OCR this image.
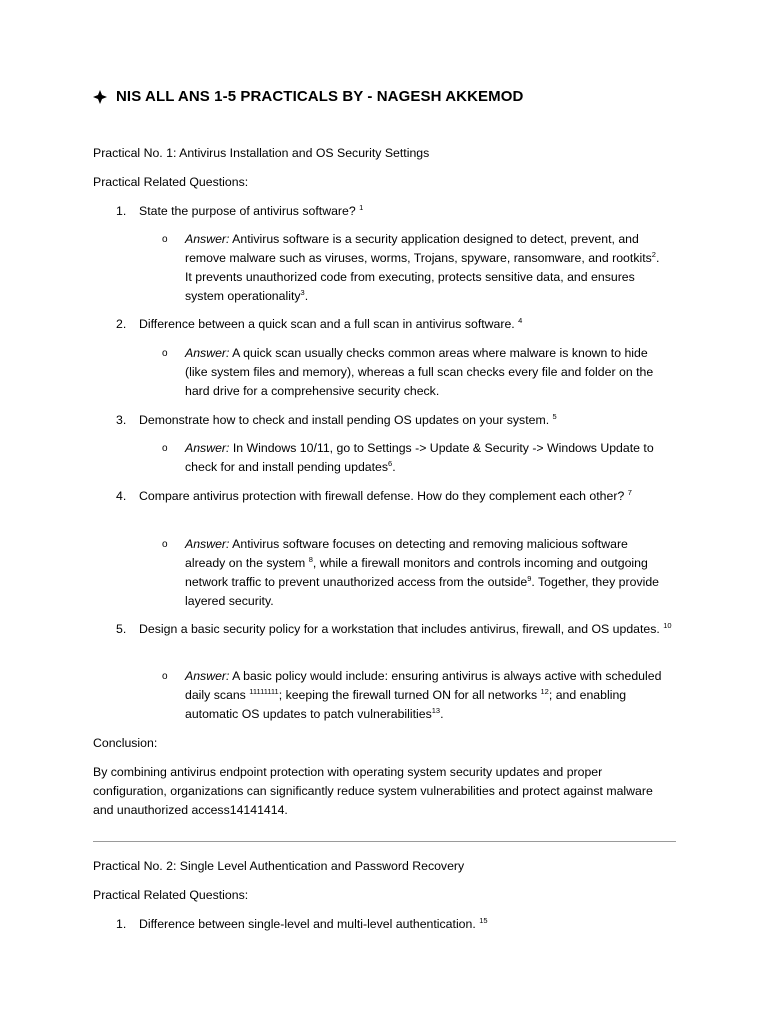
NIS ALL ANS 1-5 PRACTICALS BY - NAGESH AKKEMOD
Practical No. 1: Antivirus Installation and OS Security Settings
Practical Related Questions:
1.	State the purpose of antivirus software? $^1$
o	Answer: Antivirus software is a security application designed to detect, prevent, and remove malware such as viruses, worms, Trojans, spyware, ransomware, and rootkits$^2$. It prevents unauthorized code from executing, protects sensitive data, and ensures system operationality$^3$.
2.	Difference between a quick scan and a full scan in antivirus software. $^4$
o	Answer: A quick scan usually checks common areas where malware is known to hide (like system files and memory), whereas a full scan checks every file and folder on the hard drive for a comprehensive security check.
3.	Demonstrate how to check and install pending OS updates on your system. $^5$
o	Answer: In Windows 10/11, go to Settings -> Update & Security -> Windows Update to check for and install pending updates$^6$.
4.	Compare antivirus protection with firewall defense. How do they complement each other? $^7$
o	Answer: Antivirus software focuses on detecting and removing malicious software already on the system $^8$, while a firewall monitors and controls incoming and outgoing network traffic to prevent unauthorized access from the outside$^9$. Together, they provide layered security.
5.	Design a basic security policy for a workstation that includes antivirus, firewall, and OS updates. $^{10}$
o	Answer: A basic policy would include: ensuring antivirus is always active with scheduled daily scans $^{11111111}$; keeping the firewall turned ON for all networks $^{12}$; and enabling automatic OS updates to patch vulnerabilities$^{13}$.
Conclusion:
By combining antivirus endpoint protection with operating system security updates and proper configuration, organizations can significantly reduce system vulnerabilities and protect against malware and unauthorized access14141414.
Practical No. 2: Single Level Authentication and Password Recovery
Practical Related Questions:
1.	Difference between single-level and multi-level authentication. $^{15}$
